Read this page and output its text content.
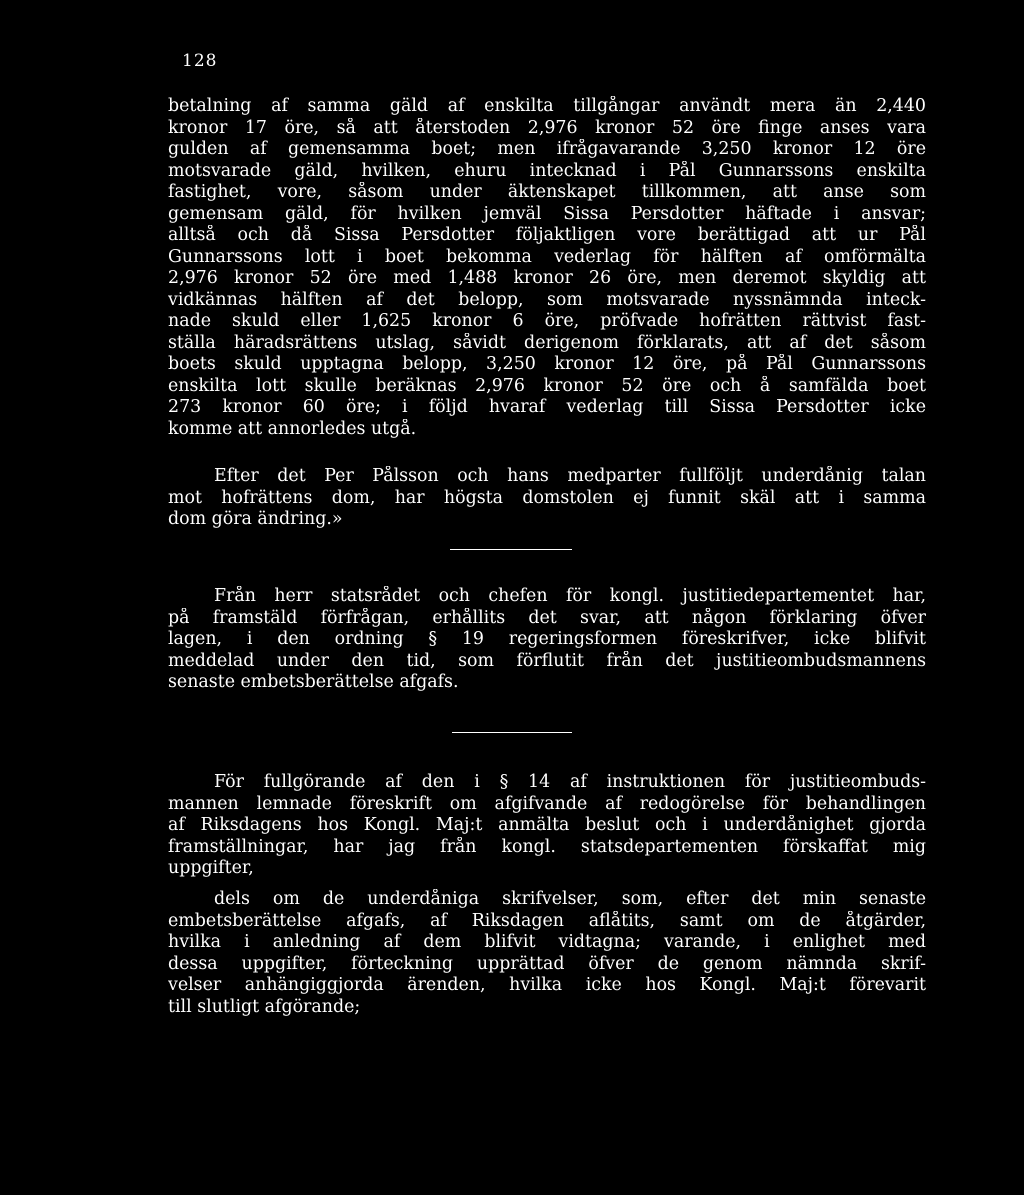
128

betalning af samma gäld af enskilta tillgångar användt mera än 2,440

kronor 17 öre, så att återstoden 2,976 kronor 52 öre finge anses vara

gulden af gemensamma boet; men ifrågavarande 3,250 kronor 12 öre

motsvarade gäld, hvilken, ehuru intecknad i Pål Gunnarssons enskilta

fastighet, vore, såsom under äktenskapet tillkommen, att anse som

gemensam gäld, för hvilken jemväl Sissa Persdotter häftade i ansvar;

alltså och då Sissa Persdotter följaktligen vore berättigad att ur Pål

Gunnarssons lott i boet bekomma vederlag för hälften af omförmälta

2,976 kronor 52 öre med 1,488 kronor 26 öre, men deremot skyldig att

vidkännas hälften af det belopp, som motsvarade nyssnämnda inteck-

nade skuld eller 1,625 kronor 6 öre, pröfvade hofrätten rättvist fast-

ställa häradsrättens utslag, såvidt derigenom förklarats, att af det såsom

boets skuld upptagna belopp, 3,250 kronor 12 öre, på Pål Gunnarssons

enskilta lott skulle beräknas 2,976 kronor 52 öre och å samfälda boet

273 kronor 60 öre; i följd hvaraf vederlag till Sissa Persdotter icke

komme att annorledes utgå.

Efter det Per Pålsson och hans medparter fullföljt underdånig talan

mot hofrättens dom, har högsta domstolen ej funnit skäl att i samma

dom göra ändring.»

Från herr statsrådet och chefen för kongl. justitiedepartementet har,

på framstäld förfrågan, erhållits det svar, att någon förklaring öfver

lagen, i den ordning § 19 regeringsformen föreskrifver, icke blifvit

meddelad under den tid, som förflutit från det justitieombudsmannens

senaste embetsberättelse afgafs.

För fullgörande af den i § 14 af instruktionen för justitieombuds-

mannen lemnade föreskrift om afgifvande af redogörelse för behandlingen

af Riksdagens hos Kongl. Maj:t anmälta beslut och i underdånighet gjorda

framställningar, har jag från kongl. statsdepartementen förskaffat mig

uppgifter,

dels om de underdåniga skrifvelser, som, efter det min senaste

embetsberättelse afgafs, af Riksdagen aflåtits, samt om de åtgärder,

hvilka i anledning af dem blifvit vidtagna; varande, i enlighet med

dessa uppgifter, förteckning upprättad öfver de genom nämnda skrif-

velser anhängiggjorda ärenden, hvilka icke hos Kongl. Maj:t förevarit

till slutligt afgörande;
